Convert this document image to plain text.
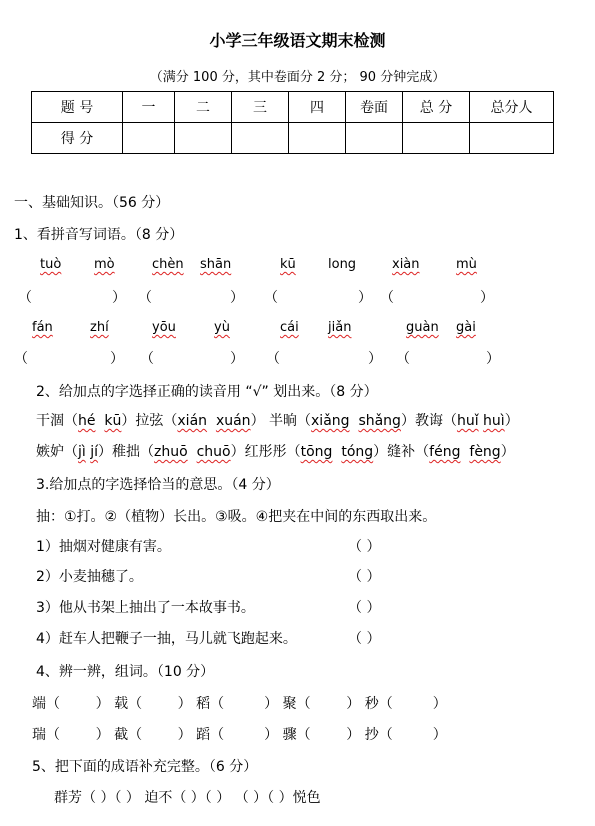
小学三年级语文期末检测
（满分 100 分，其中卷面分 2 分； 90 分钟完成）
题 号	一	二	三	四	卷面	总 分	总分人
得 分							
一、基础知识。（56 分）
1、看拼音写词语。（8 分）
tuò	mò	chèn shān	kū long	xiàn	mù
（	） （	） （	） （	）
fán	zhí	yōu	yù	cái jiǎn	guàn gài
（	） （	） （	） （	）
2、给加点的字选择正确的读音用 “√” 划出来。（8 分）
干涸（hé kū）拉弦（xián xuán） 半晌（xiǎng shǎng）教诲（huǐ huì）
嫉妒（jì jí）稚拙（zhuō chuō）红彤彤（tōng tóng）缝补（féng fèng）
3.给加点的字选择恰当的意思。（4 分）
抽：①打。②（植物）长出。③吸。④把夹在中间的东西取出来。
1）抽烟对健康有害。	（ ）
2）小麦抽穗了。	（ ）
3）他从书架上抽出了一本故事书。	（ ）
4）赶车人把鞭子一抽，马儿就飞跑起来。	（ ）
4、辨一辨，组词。（10 分）
端（        ） 载（        ） 稻（         ） 聚（        ） 秒（         ）
瑞（        ） 截（        ） 蹈（         ） 骤（        ） 抄（         ）
5、把下面的成语补充完整。（6 分）
群芳（ ）（ ） 迫不（ ）（ ） （ ）（ ）悦色
